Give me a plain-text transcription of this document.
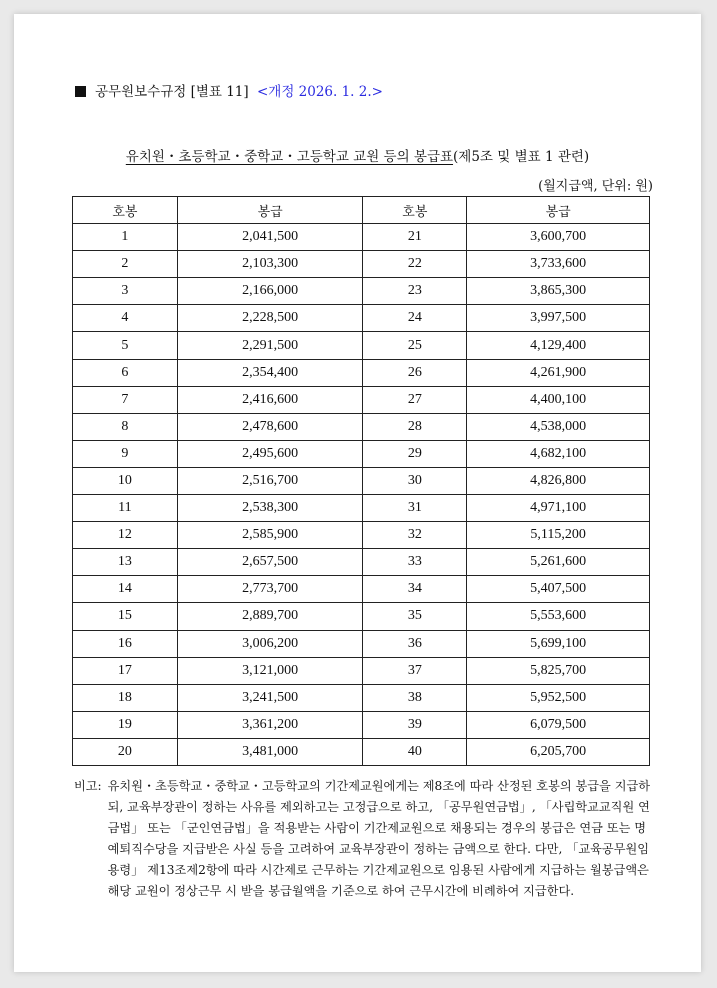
공무원보수규정 [별표 11] <개정 2026. 1. 2.>
유치원・초등학교・중학교・고등학교 교원 등의 봉급표(제5조 및 별표 1 관련)
(월지급액, 단위: 원)
호봉	봉급	호봉	봉급
1	2,041,500	21	3,600,700
2	2,103,300	22	3,733,600
3	2,166,000	23	3,865,300
4	2,228,500	24	3,997,500
5	2,291,500	25	4,129,400
6	2,354,400	26	4,261,900
7	2,416,600	27	4,400,100
8	2,478,600	28	4,538,000
9	2,495,600	29	4,682,100
10	2,516,700	30	4,826,800
11	2,538,300	31	4,971,100
12	2,585,900	32	5,115,200
13	2,657,500	33	5,261,600
14	2,773,700	34	5,407,500
15	2,889,700	35	5,553,600
16	3,006,200	36	5,699,100
17	3,121,000	37	5,825,700
18	3,241,500	38	5,952,500
19	3,361,200	39	6,079,500
20	3,481,000	40	6,205,700
비고: 유치원・초등학교・중학교・고등학교의 기간제교원에게는 제8조에 따라 산정된 호봉의 봉급을 지급하되, 교육부장관이 정하는 사유를 제외하고는 고정급으로 하고, 「공무원연금법」, 「사립학교교직원 연금법」 또는 「군인연금법」을 적용받는 사람이 기간제교원으로 채용되는 경우의 봉급은 연금 또는 명예퇴직수당을 지급받은 사실 등을 고려하여 교육부장관이 정하는 금액으로 한다. 다만, 「교육공무원임용령」 제13조제2항에 따라 시간제로 근무하는 기간제교원으로 임용된 사람에게 지급하는 월봉급액은 해당 교원이 정상근무 시 받을 봉급월액을 기준으로 하여 근무시간에 비례하여 지급한다.
